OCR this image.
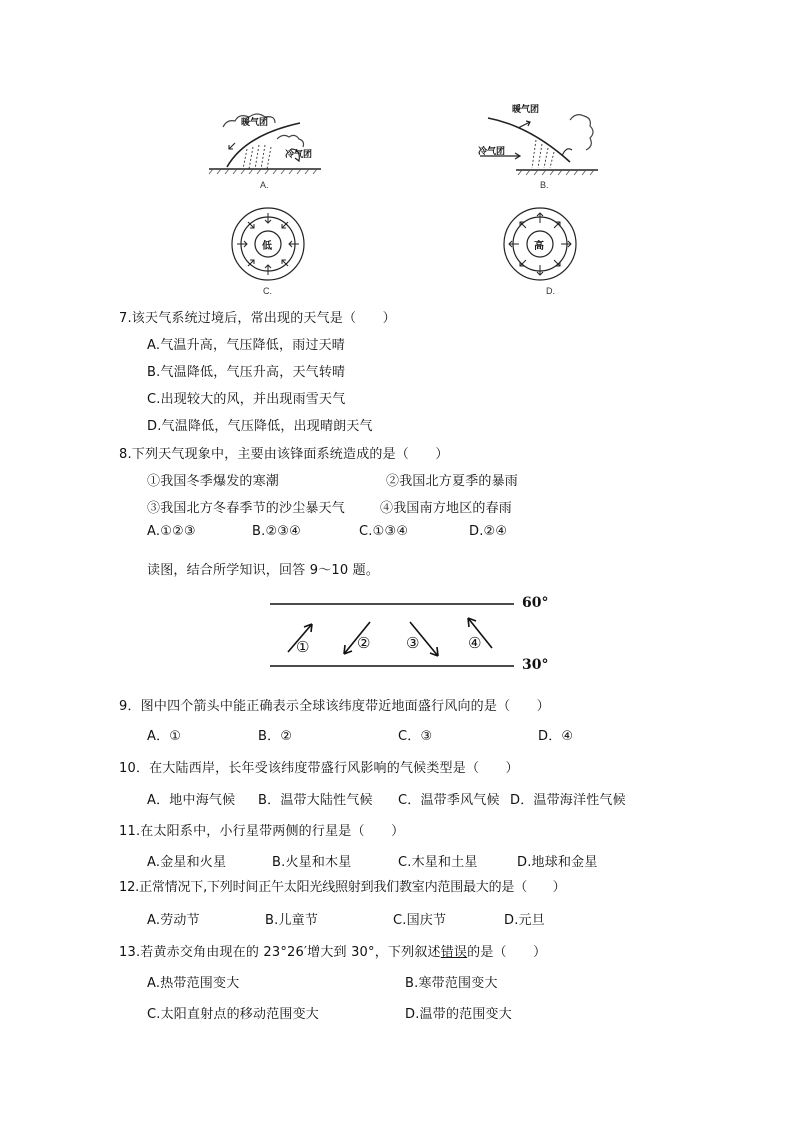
暖气团
冷气团
A.
暖气团
冷气团
B.
低
C.
高
D.
7.该天气系统过境后，常出现的天气是（　　）
A.气温升高，气压降低，雨过天晴
B.气温降低，气压升高，天气转晴
C.出现较大的风，并出现雨雪天气
D.气温降低，气压降低，出现晴朗天气
8.下列天气现象中，主要由该锋面系统造成的是（　　）
①我国冬季爆发的寒潮	②我国北方夏季的暴雨
③我国北方冬春季节的沙尘暴天气	④我国南方地区的春雨
A.①②③	B.②③④	C.①③④	D.②④
读图，结合所学知识，回答 9～10 题。
60°
30°
①	② ③	④
9．图中四个箭头中能正确表示全球该纬度带近地面盛行风向的是（　　）
A．①	B．②	C．③	D．④
10．在大陆西岸，长年受该纬度带盛行风影响的气候类型是（　　）
A．地中海气候 B．温带大陆性气候 C．温带季风气候 D．温带海洋性气候
11.在太阳系中，小行星带两侧的行星是（　　）
A.金星和火星	B.火星和木星	C.木星和土星	D.地球和金星
12.正常情况下,下列时间正午太阳光线照射到我们教室内范围最大的是（　　）
A.劳动节	B.儿童节	C.国庆节	D.元旦
13.若黄赤交角由现在的 23°26′增大到 30°，下列叙述错误的是（　　）
A.热带范围变大	B.寒带范围变大
C.太阳直射点的移动范围变大	D.温带的范围变大
